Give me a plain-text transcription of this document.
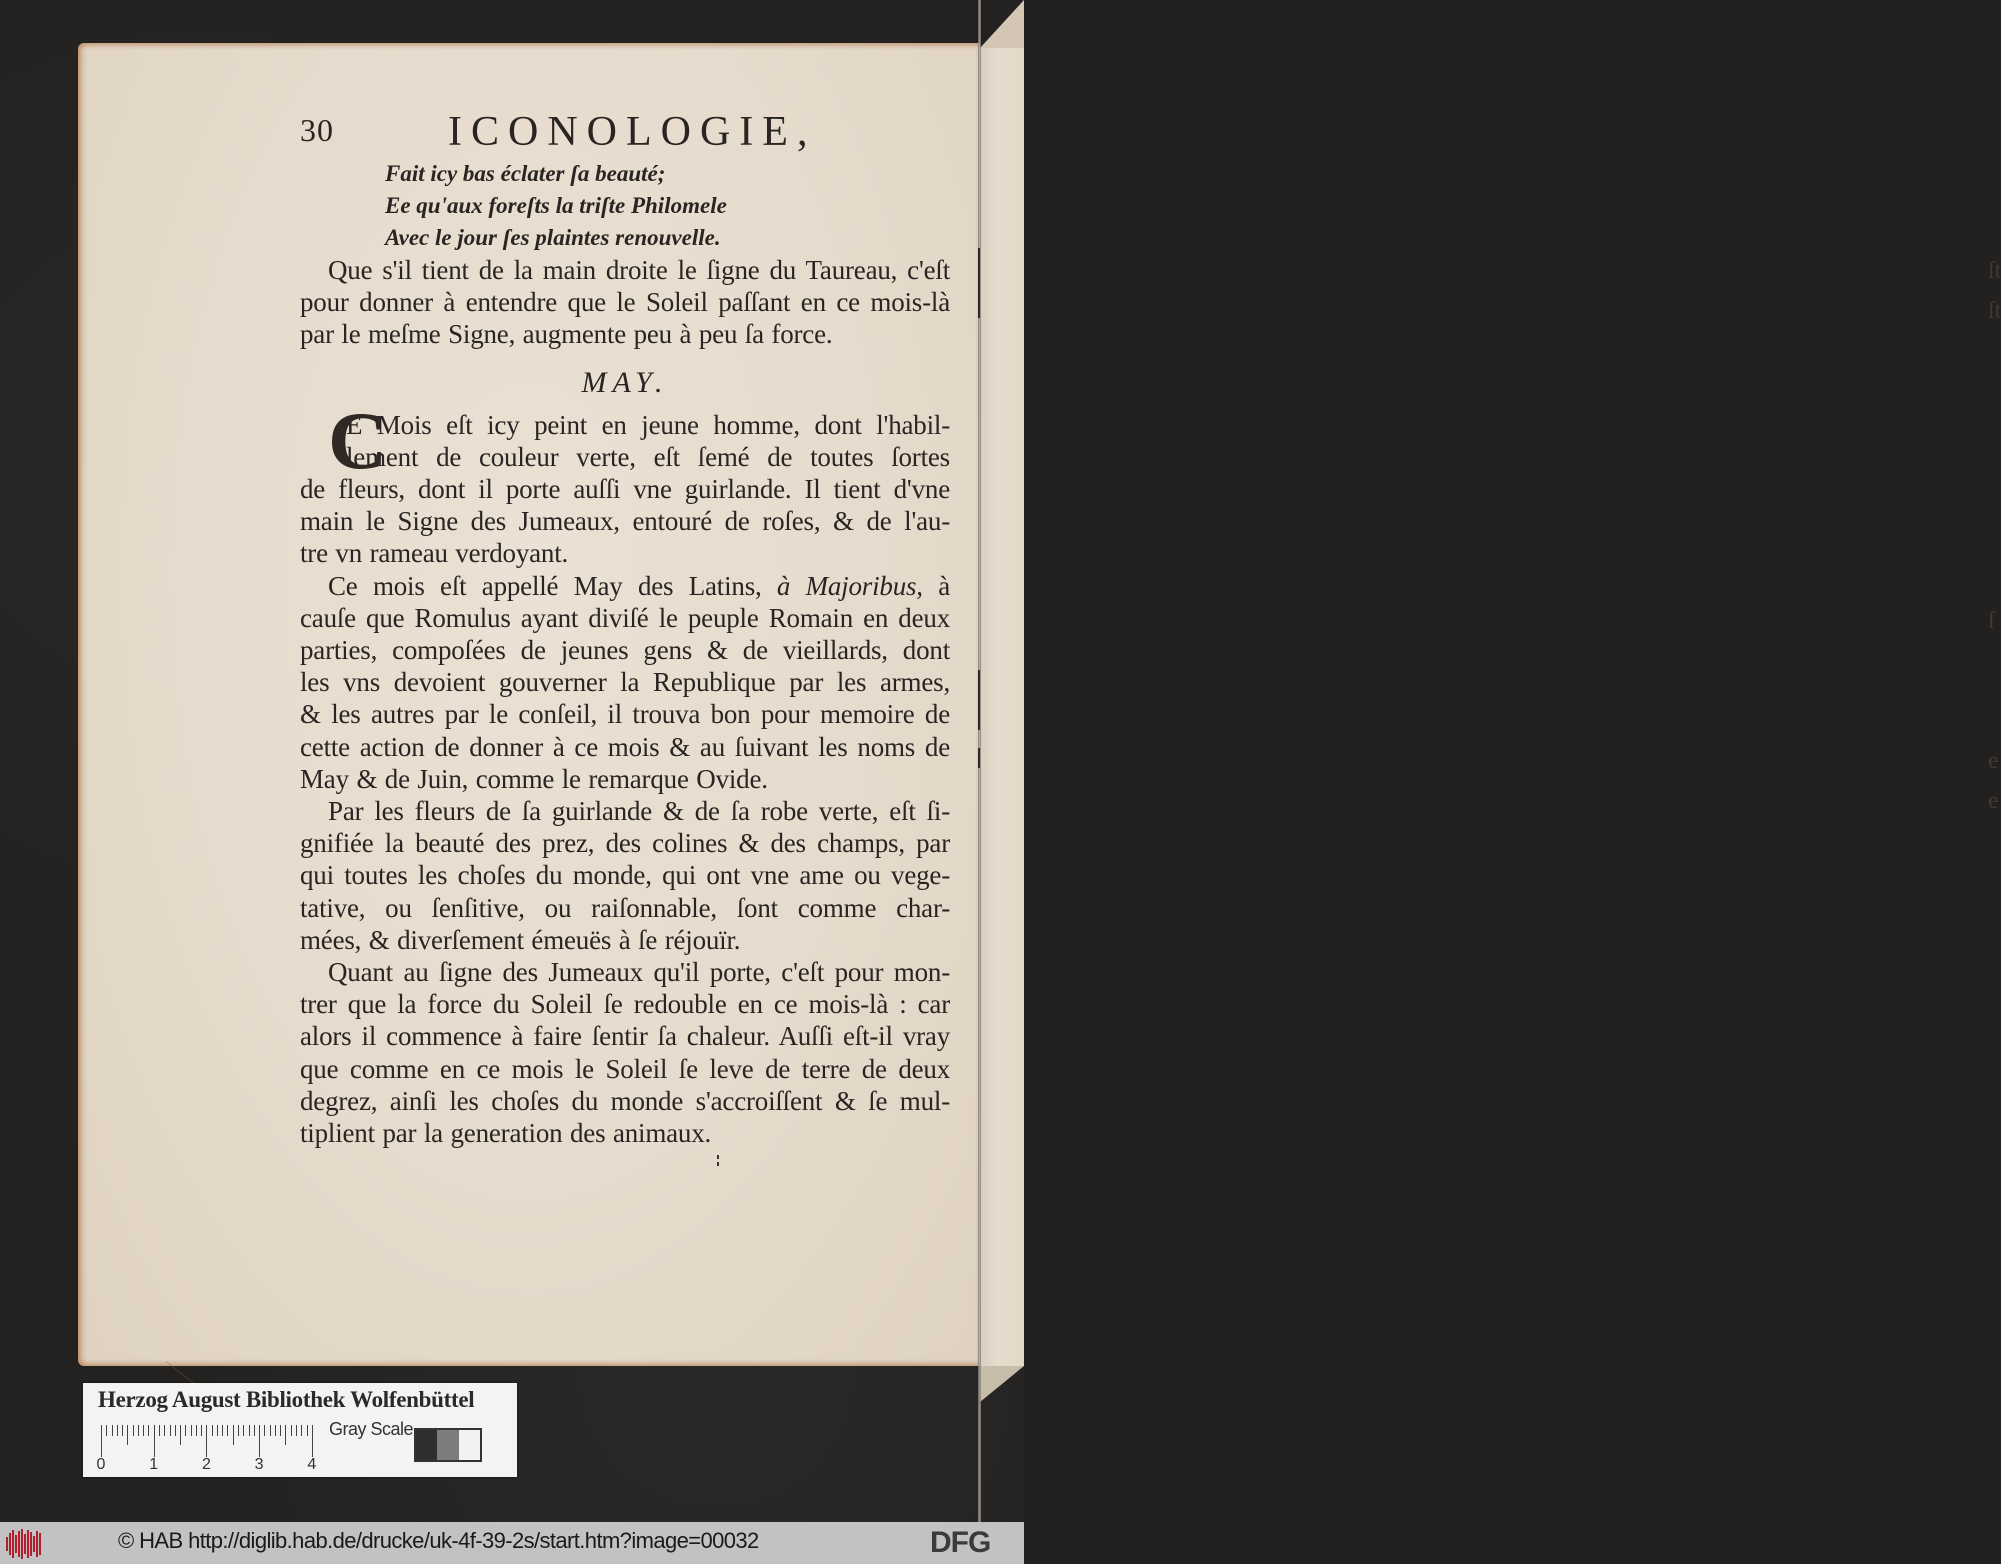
ſt
ſt
ſ
e
e
30	ICONOLOGIE,
Fait icy bas éclater ſa beauté;
Ee qu'aux foreſts la triſte Philomele
Avec le jour ſes plaintes renouvelle.

Que s'il tient de la main droite le ſigne du Taureau, c'eſt
pour donner à entendre que le Soleil paſſant en ce mois-là
par le meſme Signe, augmente peu à peu ſa force.

MAY.

C
E Mois eſt icy peint en jeune homme, dont l'habil-
lement de couleur verte, eſt ſemé de toutes ſortes
de fleurs, dont il porte auſſi vne guirlande. Il tient d'vne
main le Signe des Jumeaux, entouré de roſes, & de l'au-
tre vn rameau verdoyant.

Ce mois eſt appellé May des Latins, à Majoribus, à
cauſe que Romulus ayant diviſé le peuple Romain en deux
parties, compoſées de jeunes gens & de vieillards, dont
les vns devoient gouverner la Republique par les armes,
& les autres par le conſeil, il trouva bon pour memoire de
cette action de donner à ce mois & au ſuivant les noms de
May & de Juin, comme le remarque Ovide.

Par les fleurs de ſa guirlande & de ſa robe verte, eſt ſi-
gnifiée la beauté des prez, des colines & des champs, par
qui toutes les choſes du monde, qui ont vne ame ou vege-
tative, ou ſenſitive, ou raiſonnable, ſont comme char-
mées, & diverſement émeuës à ſe réjouïr.

Quant au ſigne des Jumeaux qu'il porte, c'eſt pour mon-
trer que la force du Soleil ſe redouble en ce mois-là : car
alors il commence à faire ſentir ſa chaleur. Auſſi eſt-il vray
que comme en ce mois le Soleil ſe leve de terre de deux
degrez, ainſi les choſes du monde s'accroiſſent & ſe mul-
tiplient par la generation des animaux.

Herzog August Bibliothek Wolfenbüttel
0	1	2	3	4
Gray Scale
© HAB http://diglib.hab.de/drucke/uk-4f-39-2s/start.htm?image=00032	DFG
